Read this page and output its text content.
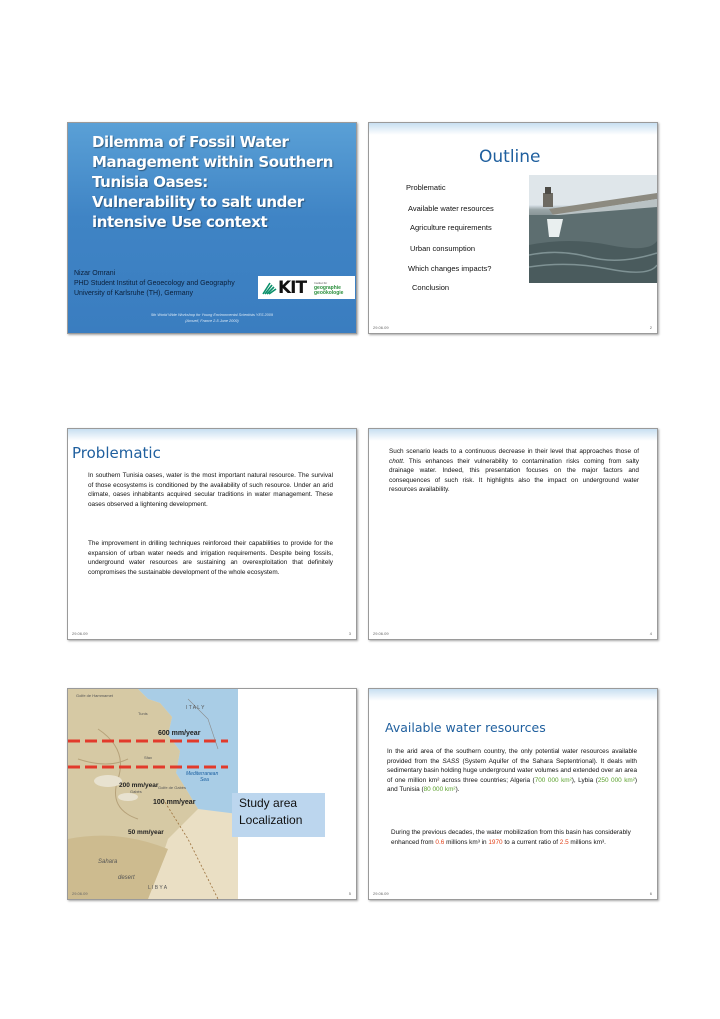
Dilemma of Fossil Water
Management within Southern
Tunisia Oases:
Vulnerability to salt under
intensive Use context
Nizar Omrani
PHD Student Institut of Geoecology and Geography
University of Karlsruhe (TH), Germany	KIT	Institut für
geographie
geoökologie
5th World Wide Workshop for Young Environmental Scientists YES 2009
(Arcueil, France 2-5 June 2009)
Outline
Problematic
Available water resources
Agriculture requirements
Urban consumption
Which changes impacts?
Conclusion
29.06.09	2
Problematic
In southern Tunisia oases, water is the most important natural resource. The survival of those ecosystems is conditioned by the availability of such resource. Under an arid climate, oases inhabitants acquired secular traditions in water management. These oases observed a lightening development.
The improvement in drilling techniques reinforced their capabilities to provide for the expansion of urban water needs and irrigation requirements. Despite being fossils, underground water resources are sustaining an overexploitation that definitely compromises the sustainable development of the whole ecosystem.
29.06.09	3
Such scenario leads to a continuous decrease in their level that approaches those of chott. This enhances their vulnerability to contamination risks coming from salty drainage water. Indeed, this presentation focuses on the major factors and consequences of such risk. It highlights also the impact on underground water resources availability.
29.06.09	4
Golfe de Hammamet
I T A L Y
Mediterranean
Sea
Golfe de Gabès
Tunis
Sfax
Gabès
Sahara
desert
L I B Y A
600 mm/year
200 mm/year
100 mm/year
50 mm/year
Study area
Localization
29.06.09	5
Available water resources
In the arid area of the southern country, the only potential water resources available provided from the SASS (System Aquifer of the Sahara Septentrional). It deals with sedimentary basin holding huge underground water volumes and extended over an area of one million km² across three countries; Algeria (700 000 km²), Lybia (250 000 km²) and Tunisia (80 000 km²).
During the previous decades, the water mobilization from this basin has considerably enhanced from 0.6 millions km³ in 1970 to a current ratio of 2.5 millions km³.
29.06.09	6
